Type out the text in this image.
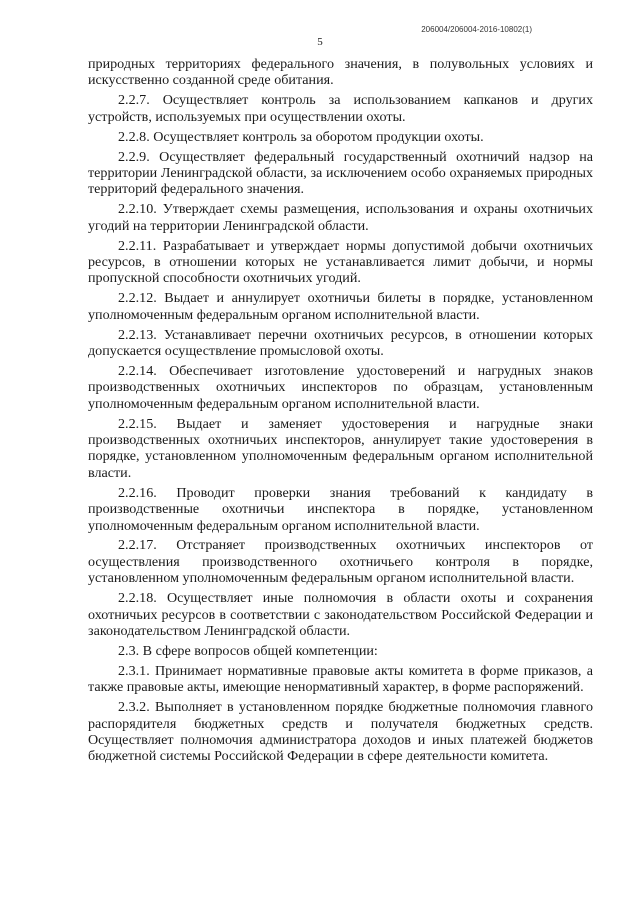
206004/206004-2016-10802(1)
5

природных территориях федерального значения, в полувольных условиях и искусственно созданной среде обитания.

2.2.7. Осуществляет контроль за использованием капканов и других устройств, используемых при осуществлении охоты.

2.2.8. Осуществляет контроль за оборотом продукции охоты.

2.2.9. Осуществляет федеральный государственный охотничий надзор на территории Ленинградской области, за исключением особо охраняемых природных территорий федерального значения.

2.2.10. Утверждает схемы размещения, использования и охраны охотничьих угодий на территории Ленинградской области.

2.2.11. Разрабатывает и утверждает нормы допустимой добычи охотничьих ресурсов, в отношении которых не устанавливается лимит добычи, и нормы пропускной способности охотничьих угодий.

2.2.12. Выдает и аннулирует охотничьи билеты в порядке, установленном уполномоченным федеральным органом исполнительной власти.

2.2.13. Устанавливает перечни охотничьих ресурсов, в отношении которых допускается осуществление промысловой охоты.

2.2.14. Обеспечивает изготовление удостоверений и нагрудных знаков производственных охотничьих инспекторов по образцам, установленным уполномоченным федеральным органом исполнительной власти.

2.2.15. Выдает и заменяет удостоверения и нагрудные знаки производственных охотничьих инспекторов, аннулирует такие удостоверения в порядке, установленном уполномоченным федеральным органом исполнительной власти.

2.2.16. Проводит проверки знания требований к кандидату в производственные охотничьи инспектора в порядке, установленном уполномоченным федеральным органом исполнительной власти.

2.2.17. Отстраняет производственных охотничьих инспекторов от осуществления производственного охотничьего контроля в порядке, установленном уполномоченным федеральным органом исполнительной власти.

2.2.18. Осуществляет иные полномочия в области охоты и сохранения охотничьих ресурсов в соответствии с законодательством Российской Федерации и законодательством Ленинградской области.

2.3. В сфере вопросов общей компетенции:

2.3.1. Принимает нормативные правовые акты комитета в форме приказов, а также правовые акты, имеющие ненормативный характер, в форме распоряжений.

2.3.2. Выполняет в установленном порядке бюджетные полномочия главного распорядителя бюджетных средств и получателя бюджетных средств. Осуществляет полномочия администратора доходов и иных платежей бюджетов бюджетной системы Российской Федерации в сфере деятельности комитета.
